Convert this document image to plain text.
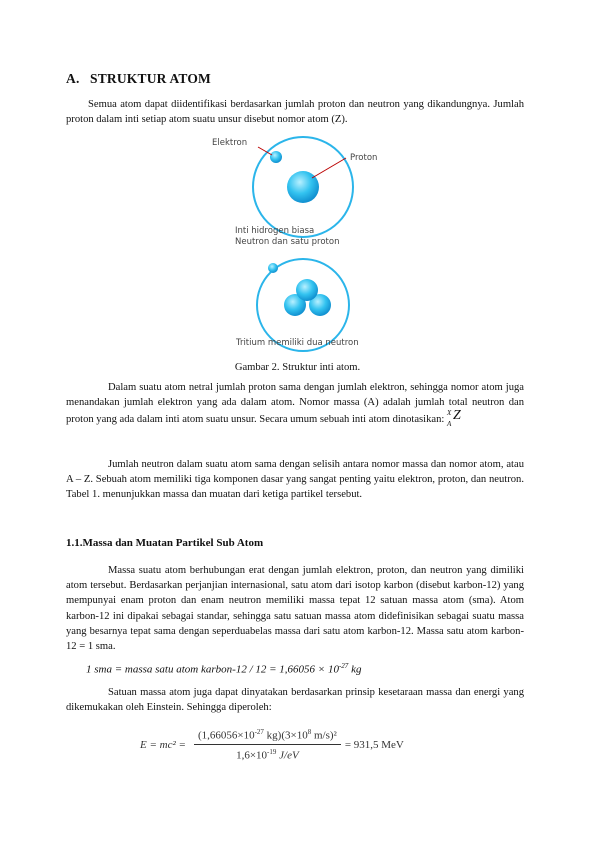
A. STRUKTUR ATOM
Semua atom dapat diidentifikasi berdasarkan jumlah proton dan neutron yang dikandungnya. Jumlah proton dalam inti setiap atom suatu unsur disebut nomor atom (Z).
Elektron
Proton
Inti hidrogen biasa
Neutron dan satu proton
Tritium memiliki dua neutron
Gambar 2. Struktur inti atom.
Dalam suatu atom netral jumlah proton sama dengan jumlah elektron, sehingga nomor atom juga menandakan jumlah elektron yang ada dalam atom. Nomor massa (A) adalah jumlah total neutron dan proton yang ada dalam inti atom suatu unsur. Secara umum sebuah inti atom dinotasikan:
X
A
Z
Jumlah neutron dalam suatu atom sama dengan selisih antara nomor massa dan nomor atom, atau A – Z. Sebuah atom memiliki tiga komponen dasar yang sangat penting yaitu elektron, proton, dan neutron. Tabel 1. menunjukkan massa dan muatan dari ketiga partikel tersebut.
1.1.Massa dan Muatan Partikel Sub Atom
Massa suatu atom berhubungan erat dengan jumlah elektron, proton, dan neutron yang dimiliki atom tersebut. Berdasarkan perjanjian internasional, satu atom dari isotop karbon (disebut karbon-12) yang mempunyai enam proton dan enam neutron memiliki massa tepat 12 satuan massa atom (sma). Atom karbon-12 ini dipakai sebagai standar, sehingga satu satuan massa atom didefinisikan sebagai suatu massa yang besarnya tepat sama dengan seperduabelas massa dari satu atom karbon-12. Massa satu atom karbon-12 = 1 sma.
1 sma = massa satu atom karbon-12 / $12 = 1,66056 \times 10^{-27}$ kg
Satuan massa atom juga dapat dinyatakan berdasarkan prinsip kesetaraan massa dan energi yang dikemukakan oleh Einstein. Sehingga diperoleh:
$E = mc^2 = \frac{(1,66056\times 10^{-27} kg)(3\times 10^8 m/s)^2}{1,6\times 10^{-19} J/eV} = 931,5$ MeV
